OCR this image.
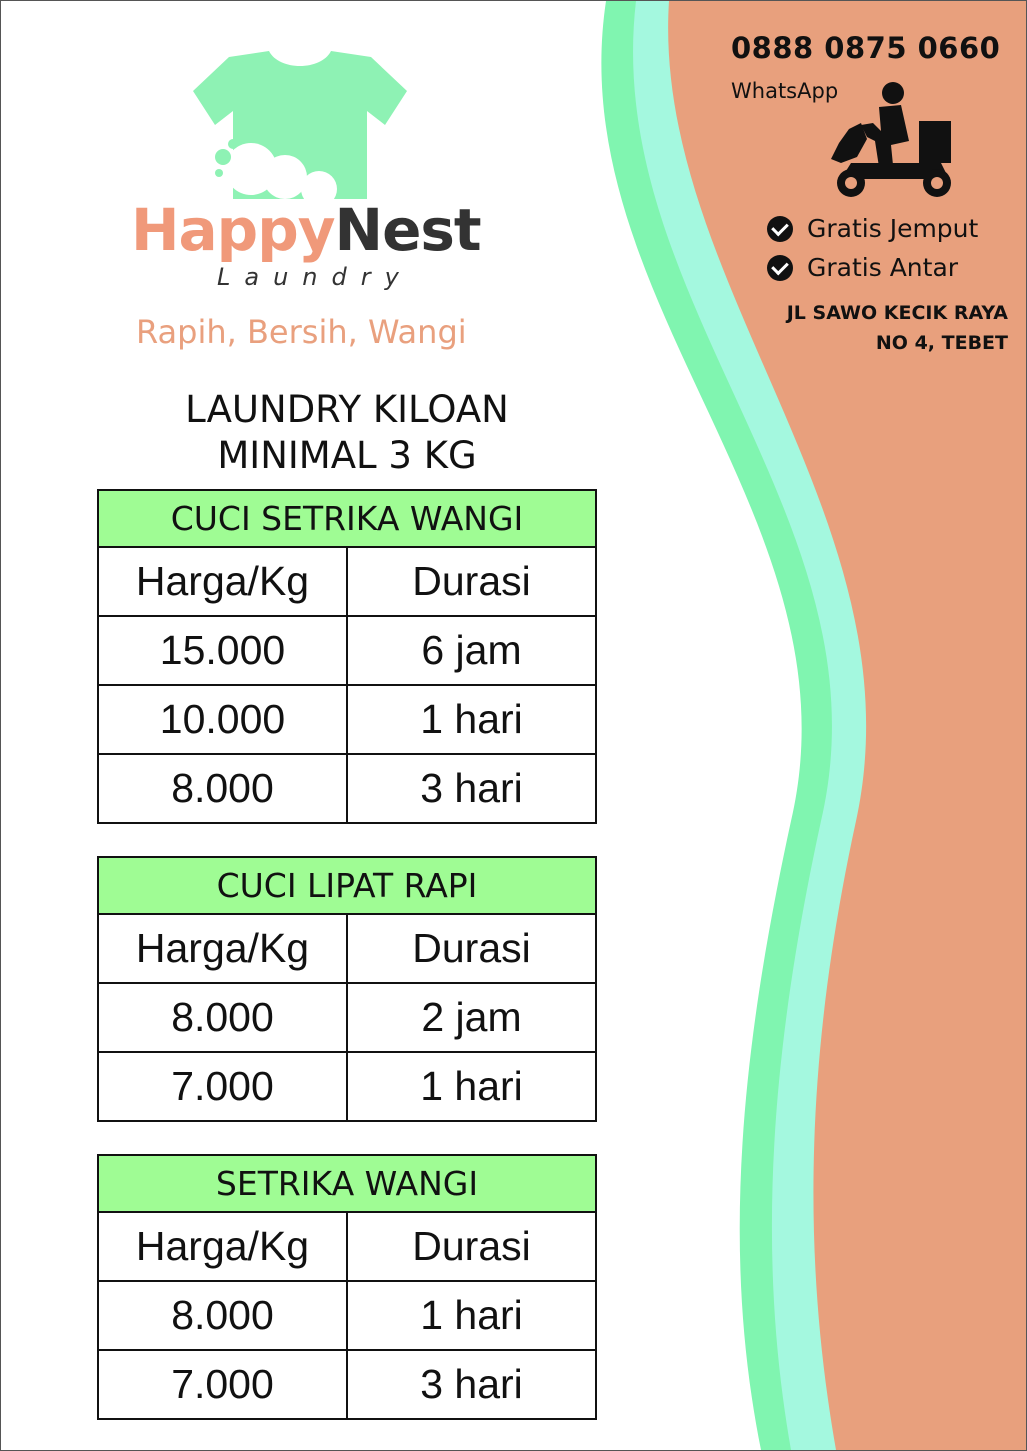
0888 0875 0660
WhatsApp
Gratis Jemput
Gratis Antar
JL SAWO KECIK RAYA
NO 4, TEBET
HappyNest
Laundry
Rapih, Bersih, Wangi
LAUNDRY KILOAN
MINIMAL 3 KG
CUCI SETRIKA WANGI	
Harga/Kg	Durasi
15.000	6 jam
10.000	1 hari
8.000	3 hari
CUCI LIPAT RAPI	
Harga/Kg	Durasi
8.000	2 jam
7.000	1 hari
SETRIKA WANGI	
Harga/Kg	Durasi
8.000	1 hari
7.000	3 hari
